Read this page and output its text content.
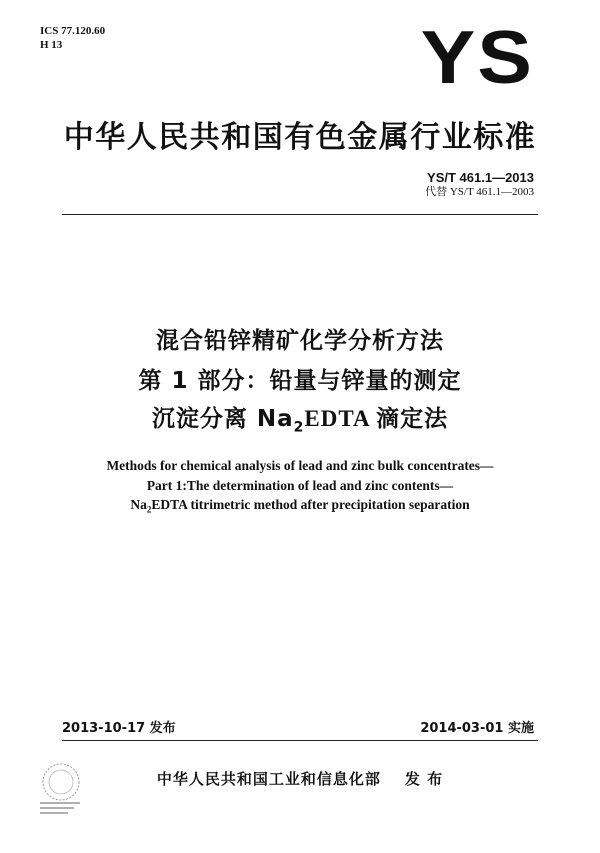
ICS 77.120.60
H 13	YS
中华人民共和国有色金属行业标准
YS/T 461.1—2013
代替 YS/T 461.1—2003
混合铅锌精矿化学分析方法
第 1 部分：铅量与锌量的测定
沉淀分离 $Na_2EDTA$ 滴定法
Methods for chemical analysis of lead and zinc bulk concentrates—
Part 1:The determination of lead and zinc contents—
$Na_2EDTA$ titrimetric method after precipitation separation
2013-10-17 发布	2014-03-01 实施
中华人民共和国工业和信息化部 发 布
